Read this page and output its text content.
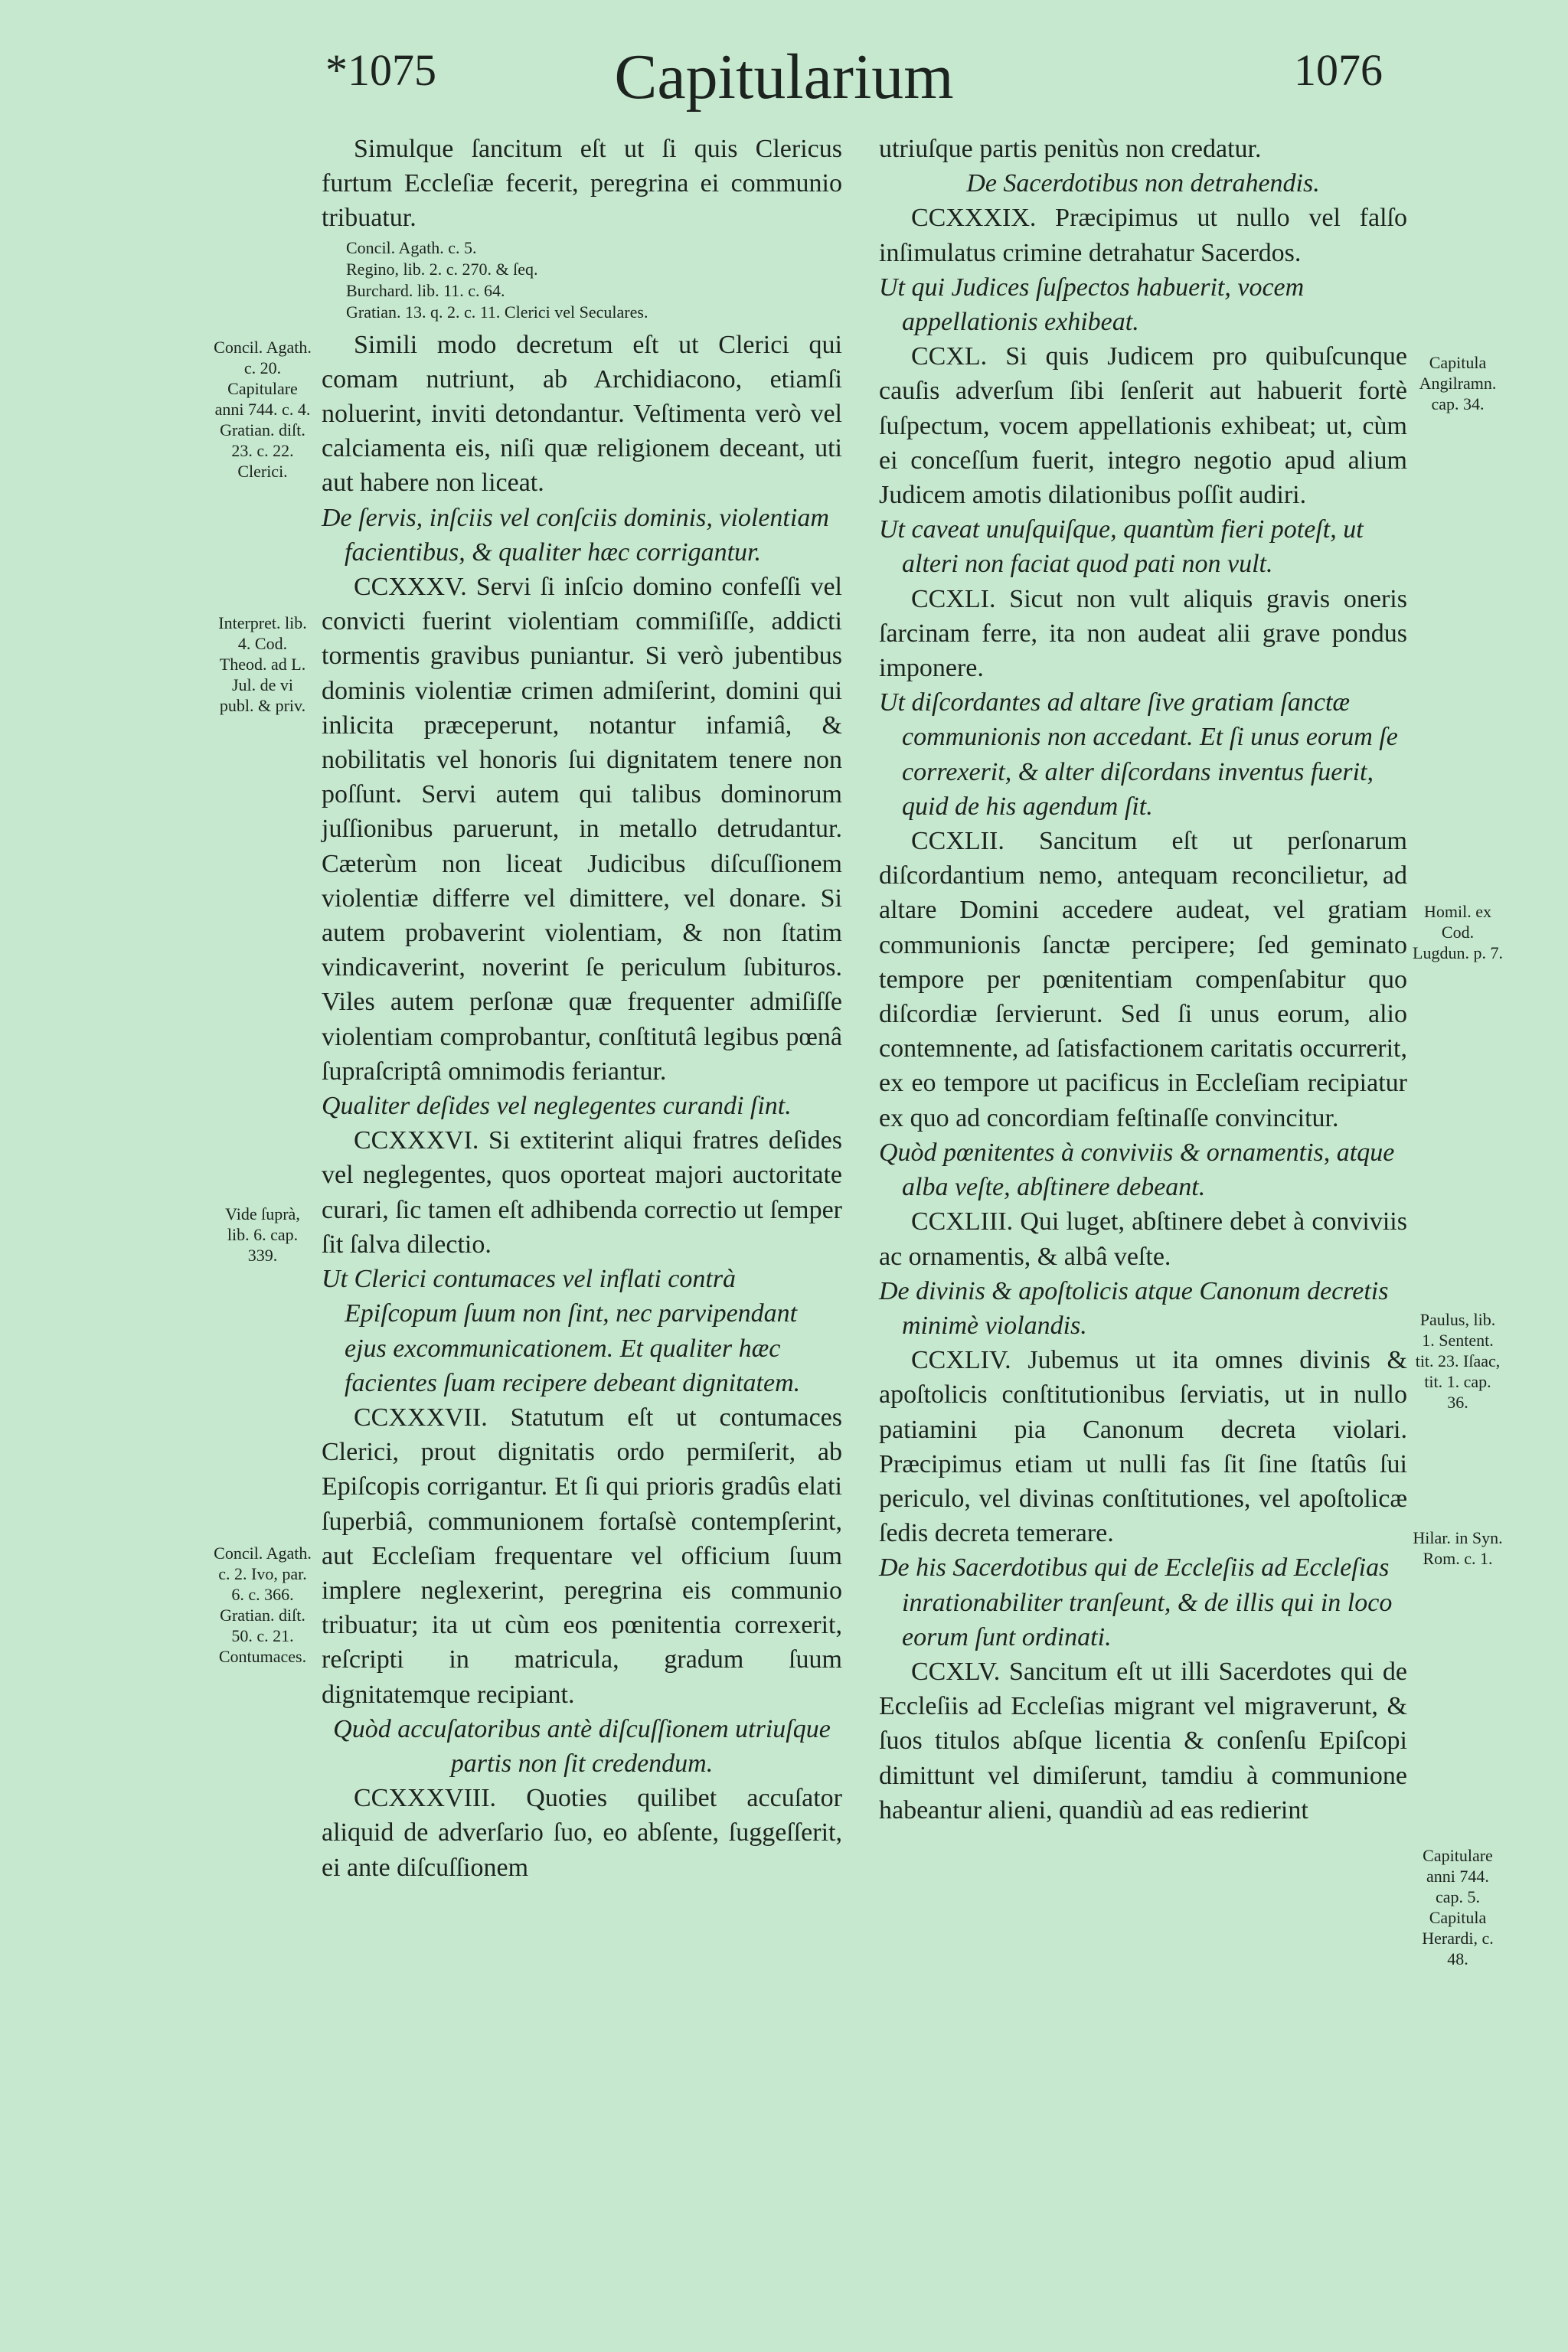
*1075	Capitularium	1076

Simulque ſancitum eſt ut ſi quis Clericus furtum Eccleſiæ fecerit, peregrina ei communio tribuatur.

Concil. Agath. c. 5.
Regino, lib. 2. c. 270. & ſeq.
Burchard. lib. 11. c. 64.
Gratian. 13. q. 2. c. 11. Clerici vel Seculares.

Simili modo decretum eſt ut Clerici qui comam nutriunt, ab Archidiacono, etiamſi noluerint, inviti detondantur. Veſtimenta verò vel calciamenta eis, niſi quæ religionem deceant, uti aut habere non liceat.

De ſervis, inſciis vel conſciis dominis, violentiam facientibus, & qualiter hæc corrigantur.

CCXXXV. Servi ſi inſcio domino confeſſi vel convicti fuerint violentiam commiſiſſe, addicti tormentis gravibus puniantur. Si verò jubentibus dominis violentiæ crimen admiſerint, domini qui inlicita præceperunt, notantur infamiâ, & nobilitatis vel honoris ſui dignitatem tenere non poſſunt. Servi autem qui talibus dominorum juſſionibus paruerunt, in metallo detrudantur. Cæterùm non liceat Judicibus diſcuſſionem violentiæ differre vel dimittere, vel donare. Si autem probaverint violentiam, & non ſtatim vindicaverint, noverint ſe periculum ſubituros. Viles autem perſonæ quæ frequenter admiſiſſe violentiam comprobantur, conſtitutâ legibus pœnâ ſupraſcriptâ omnimodis feriantur.

Qualiter deſides vel neglegentes curandi ſint.

CCXXXVI. Si extiterint aliqui fratres deſides vel neglegentes, quos oporteat majori auctoritate curari, ſic tamen eſt adhibenda correctio ut ſemper ſit ſalva dilectio.

Ut Clerici contumaces vel inflati contrà Epiſcopum ſuum non ſint, nec parvipendant ejus excommunicationem. Et qualiter hæc facientes ſuam recipere debeant dignitatem.

CCXXXVII. Statutum eſt ut contumaces Clerici, prout dignitatis ordo permiſerit, ab Epiſcopis corrigantur. Et ſi qui prioris gradûs elati ſuperbiâ, communionem fortaſsè contempſerint, aut Eccleſiam frequentare vel officium ſuum implere neglexerint, peregrina eis communio tribuatur; ita ut cùm eos pœnitentia correxerit, reſcripti in matricula, gradum ſuum dignitatemque recipiant.

Quòd accuſatoribus antè diſcuſſionem utriuſque partis non ſit credendum.

CCXXXVIII. Quoties quilibet accuſator aliquid de adverſario ſuo, eo abſente, ſuggeſſerit, ei ante diſcuſſionem

utriuſque partis penitùs non credatur.

De Sacerdotibus non detrahendis.

CCXXXIX. Præcipimus ut nullo vel falſo inſimulatus crimine detrahatur Sacerdos.

Ut qui Judices ſuſpectos habuerit, vocem appellationis exhibeat.

CCXL. Si quis Judicem pro quibuſcunque cauſis adverſum ſibi ſenſerit aut habuerit fortè ſuſpectum, vocem appellationis exhibeat; ut, cùm ei conceſſum fuerit, integro negotio apud alium Judicem amotis dilationibus poſſit audiri.

Ut caveat unuſquiſque, quantùm fieri poteſt, ut alteri non faciat quod pati non vult.

CCXLI. Sicut non vult aliquis gravis oneris ſarcinam ferre, ita non audeat alii grave pondus imponere.

Ut diſcordantes ad altare ſive gratiam ſanctæ communionis non accedant. Et ſi unus eorum ſe correxerit, & alter diſcordans inventus fuerit, quid de his agendum ſit.

CCXLII. Sancitum eſt ut perſonarum diſcordantium nemo, antequam reconcilietur, ad altare Domini accedere audeat, vel gratiam communionis ſanctæ percipere; ſed geminato tempore per pœnitentiam compenſabitur quo diſcordiæ ſervierunt. Sed ſi unus eorum, alio contemnente, ad ſatisfactionem caritatis occurrerit, ex eo tempore ut pacificus in Eccleſiam recipiatur ex quo ad concordiam feſtinaſſe convincitur.

Quòd pœnitentes à conviviis & ornamentis, atque alba veſte, abſtinere debeant.

CCXLIII. Qui luget, abſtinere debet à conviviis ac ornamentis, & albâ veſte.

De divinis & apoſtolicis atque Canonum decretis minimè violandis.

CCXLIV. Jubemus ut ita omnes divinis & apoſtolicis conſtitutionibus ſerviatis, ut in nullo patiamini pia Canonum decreta violari. Præcipimus etiam ut nulli fas ſit ſine ſtatûs ſui periculo, vel divinas conſtitutiones, vel apoſtolicæ ſedis decreta temerare.

De his Sacerdotibus qui de Eccleſiis ad Eccleſias inrationabiliter tranſeunt, & de illis qui in loco eorum ſunt ordinati.

CCXLV. Sancitum eſt ut illi Sacerdotes qui de Eccleſiis ad Eccleſias migrant vel migraverunt, & ſuos titulos abſque licentia & conſenſu Epiſcopi dimittunt vel dimiſerunt, tamdiu à communione habeantur alieni, quandiù ad eas redierint

Concil. Agath. c. 20. Capitulare anni 744. c. 4. Gratian. diſt. 23. c. 22. Clerici.
Interpret. lib. 4. Cod. Theod. ad L. Jul. de vi publ. & priv.
Vide ſuprà, lib. 6. cap. 339.
Concil. Agath. c. 2. Ivo, par. 6. c. 366. Gratian. diſt. 50. c. 21. Contumaces.
Capitula Angilramn. cap. 34.
Homil. ex Cod. Lugdun. p. 7.
Paulus, lib. 1. Sentent. tit. 23. Iſaac, tit. 1. cap. 36.
Hilar. in Syn. Rom. c. 1.
Capitulare anni 744. cap. 5. Capitula Herardi, c. 48.
